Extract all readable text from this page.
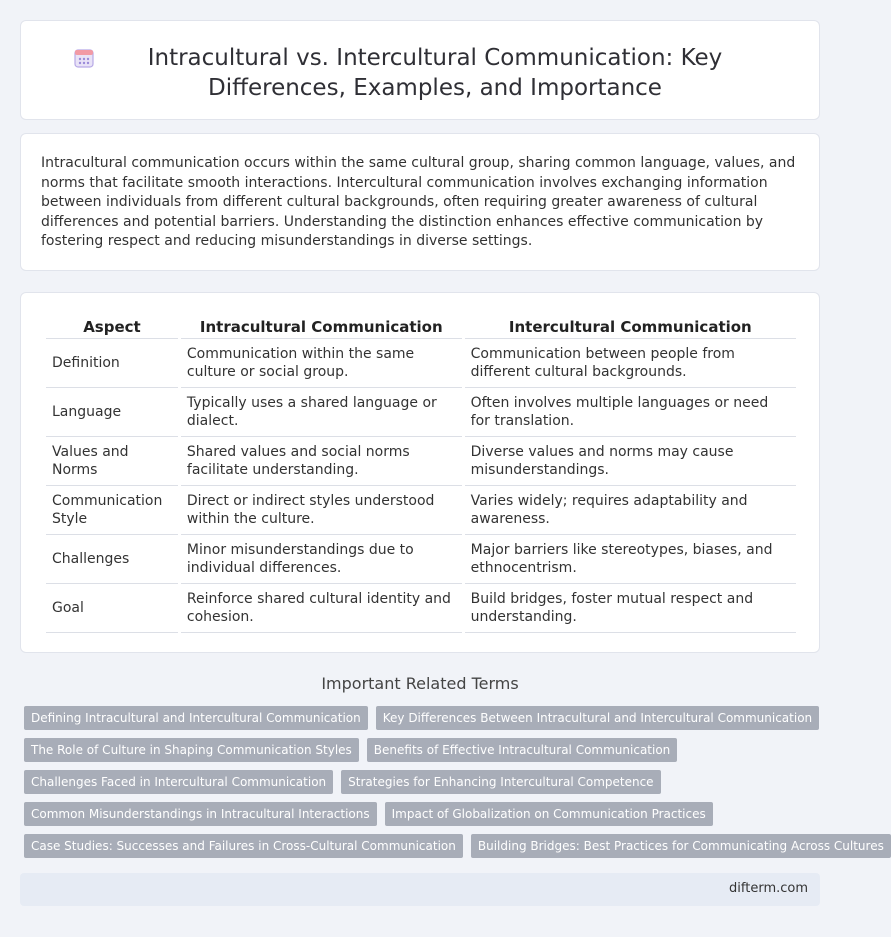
Intracultural vs. Intercultural Communication: Key Differences, Examples, and Importance

Intracultural communication occurs within the same cultural group, sharing common language, values, and norms that facilitate smooth interactions. Intercultural communication involves exchanging information between individuals from different cultural backgrounds, often requiring greater awareness of cultural differences and potential barriers. Understanding the distinction enhances effective communication by fostering respect and reducing misunderstandings in diverse settings.

Aspect	Intracultural Communication	Intercultural Communication
Definition	Communication within the same culture or social group.	Communication between people from different cultural backgrounds.
Language	Typically uses a shared language or dialect.	Often involves multiple languages or need for translation.
Values and Norms	Shared values and social norms facilitate understanding.	Diverse values and norms may cause misunderstandings.
Communication Style	Direct or indirect styles understood within the culture.	Varies widely; requires adaptability and awareness.
Challenges	Minor misunderstandings due to individual differences.	Major barriers like stereotypes, biases, and ethnocentrism.
Goal	Reinforce shared cultural identity and cohesion.	Build bridges, foster mutual respect and understanding.
Important Related Terms
Defining Intracultural and Intercultural Communication	Key Differences Between Intracultural and Intercultural Communication
The Role of Culture in Shaping Communication Styles	Benefits of Effective Intracultural Communication
Challenges Faced in Intercultural Communication	Strategies for Enhancing Intercultural Competence
Common Misunderstandings in Intracultural Interactions	Impact of Globalization on Communication Practices
Case Studies: Successes and Failures in Cross-Cultural Communication	Building Bridges: Best Practices for Communicating Across Cultures
difterm.com
